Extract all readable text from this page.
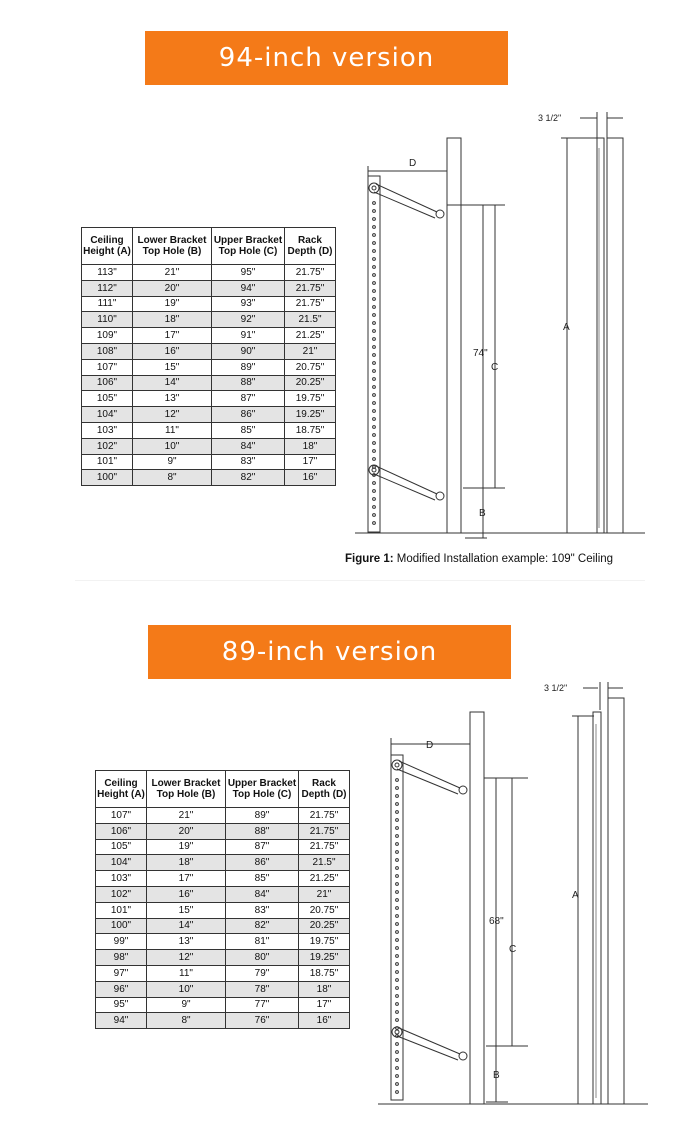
94-inch version
Ceiling Height (A)	Lower Bracket Top Hole (B)	Upper Bracket Top Hole (C)	Rack Depth (D)
113"	21"	95"	21.75"
112"	20"	94"	21.75"
111"	19"	93"	21.75"
110"	18"	92"	21.5"
109"	17"	91"	21.25"
108"	16"	90"	21"
107"	15"	89"	20.75"
106"	14"	88"	20.25"
105"	13"	87"	19.75"
104"	12"	86"	19.25"
103"	11"	85"	18.75"
102"	10"	84"	18"
101"	9"	83"	17"
100"	8"	82"	16"
D
74"
C
B
A
3 1/2"
Figure 1: Modified Installation example: 109" Ceiling
89-inch version
Ceiling Height (A)	Lower Bracket Top Hole (B)	Upper Bracket Top Hole (C)	Rack Depth (D)
107"	21"	89"	21.75"
106"	20"	88"	21.75"
105"	19"	87"	21.75"
104"	18"	86"	21.5"
103"	17"	85"	21.25"
102"	16"	84"	21"
101"	15"	83"	20.75"
100"	14"	82"	20.25"
99"	13"	81"	19.75"
98"	12"	80"	19.25"
97"	11"	79"	18.75"
96"	10"	78"	18"
95"	9"	77"	17"
94"	8"	76"	16"
D
68"
C
B
A
3 1/2"
